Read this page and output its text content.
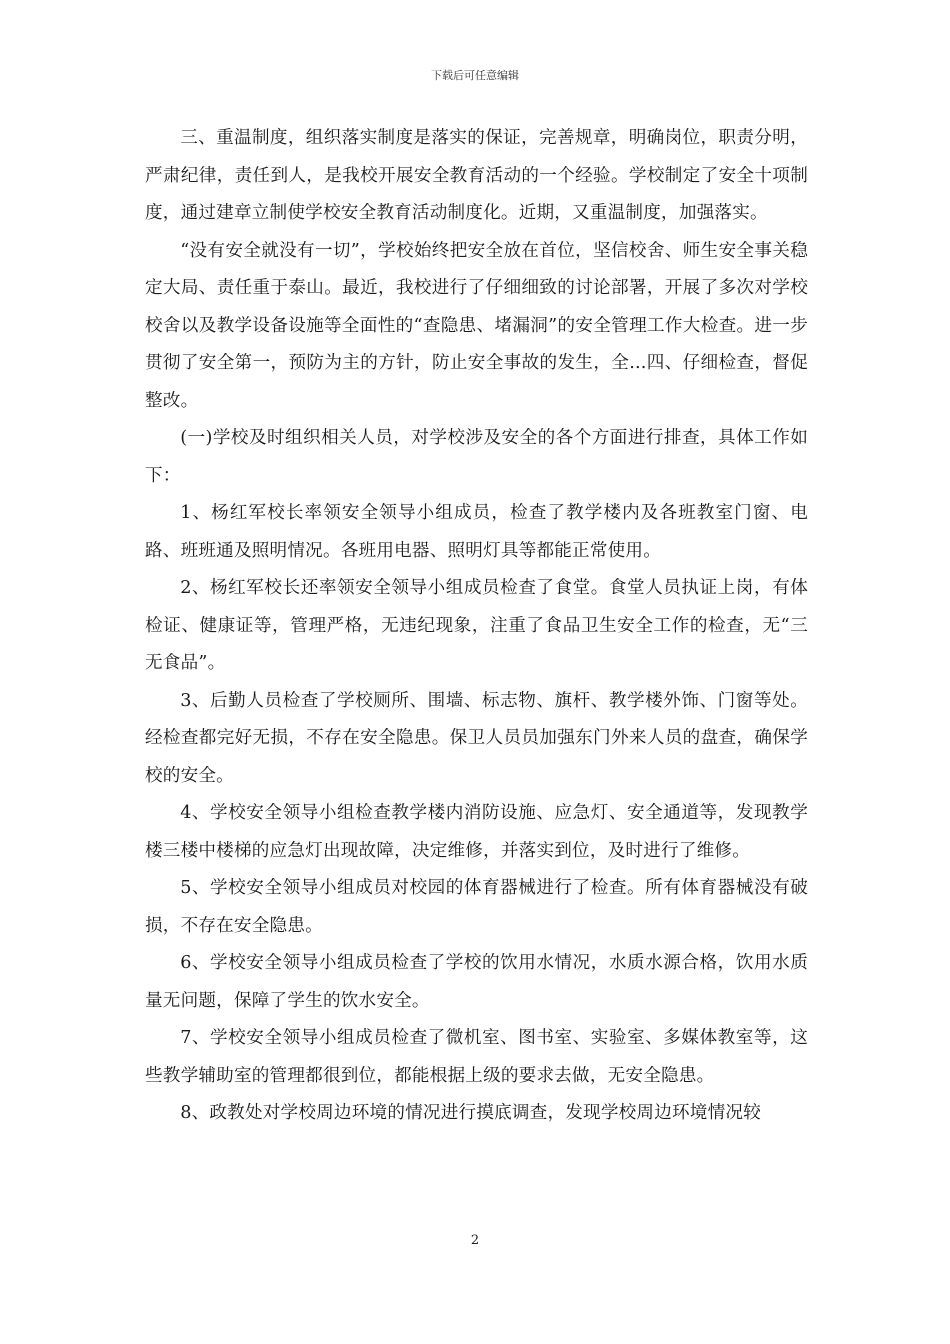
下载后可任意编辑

三、重温制度，组织落实制度是落实的保证，完善规章，明确岗位，职责分明，严肃纪律，责任到人，是我校开展安全教育活动的一个经验。学校制定了安全十项制度，通过建章立制使学校安全教育活动制度化。近期，又重温制度，加强落实。

“没有安全就没有一切”，学校始终把安全放在首位，坚信校舍、师生安全事关稳定大局、责任重于泰山。最近，我校进行了仔细细致的讨论部署，开展了多次对学校校舍以及教学设备设施等全面性的“查隐患、堵漏洞”的安全管理工作大检查。进一步贯彻了安全第一，预防为主的方针，防止安全事故的发生，全...四、仔细检查，督促整改。

(一)学校及时组织相关人员，对学校涉及安全的各个方面进行排查，具体工作如下：

1、杨红军校长率领安全领导小组成员，检查了教学楼内及各班教室门窗、电路、班班通及照明情况。各班用电器、照明灯具等都能正常使用。

2、杨红军校长还率领安全领导小组成员检查了食堂。食堂人员执证上岗，有体检证、健康证等，管理严格，无违纪现象，注重了食品卫生安全工作的检查，无“三无食品”。

3、后勤人员检查了学校厕所、围墙、标志物、旗杆、教学楼外饰、门窗等处。经检查都完好无损，不存在安全隐患。保卫人员员加强东门外来人员的盘查，确保学校的安全。

4、学校安全领导小组检查教学楼内消防设施、应急灯、安全通道等，发现教学楼三楼中楼梯的应急灯出现故障，决定维修，并落实到位，及时进行了维修。

5、学校安全领导小组成员对校园的体育器械进行了检查。所有体育器械没有破损，不存在安全隐患。

6、学校安全领导小组成员检查了学校的饮用水情况，水质水源合格，饮用水质量无问题，保障了学生的饮水安全。

7、学校安全领导小组成员检查了微机室、图书室、实验室、多媒体教室等，这些教学辅助室的管理都很到位，都能根据上级的要求去做，无安全隐患。

8、政教处对学校周边环境的情况进行摸底调查，发现学校周边环境情况较

2
